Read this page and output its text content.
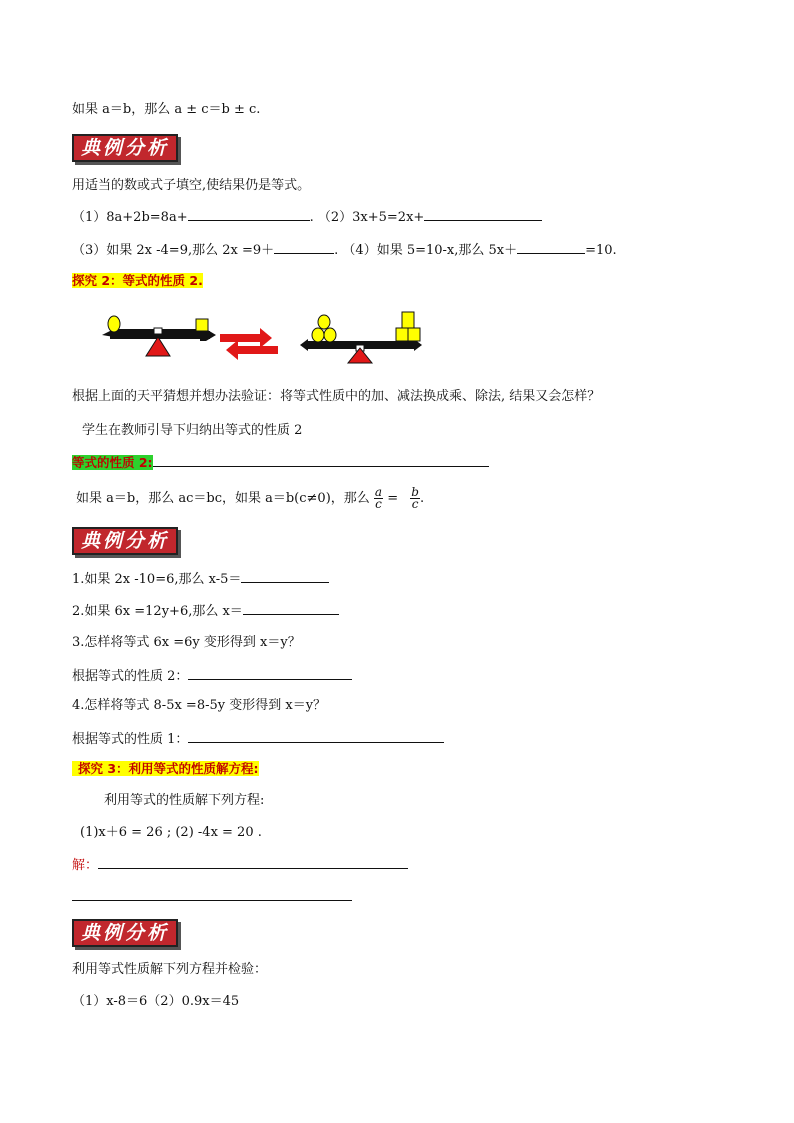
如果 a＝b，那么 a ± c＝b ± c.
典例分析
用适当的数或式子填空,使结果仍是等式。
（1）8a+2b=8a+	. （2）3x+5=2x+
（3）如果 2x -4=9,那么 2x =9＋	. （4）如果 5=10-x,那么 5x＋	=10.
探究 2：等式的性质 2.
根据上面的天平猜想并想办法验证：将等式性质中的加、减法换成乘、除法, 结果又会怎样？
学生在教师引导下归纳出等式的性质 2
等式的性质 2:
如果 a＝b，那么 ac＝bc，如果 a＝b(c≠0)，那么 $\frac{a}{c} = \frac{b}{c}$ .
典例分析
1.如果 2x -10=6,那么 x-5＝
2.如果 6x =12y+6,那么 x＝
3.怎样将等式 6x =6y 变形得到 x＝y？
根据等式的性质 2：
4.怎样将等式 8-5x =8-5y 变形得到 x＝y？
根据等式的性质 1：
探究 3：利用等式的性质解方程:
利用等式的性质解下列方程:
(1)x＋6 = 26 ; (2) -4x = 20 .
解：
典例分析
利用等式性质解下列方程并检验：
（1）x-8＝6（2）0.9x＝45
